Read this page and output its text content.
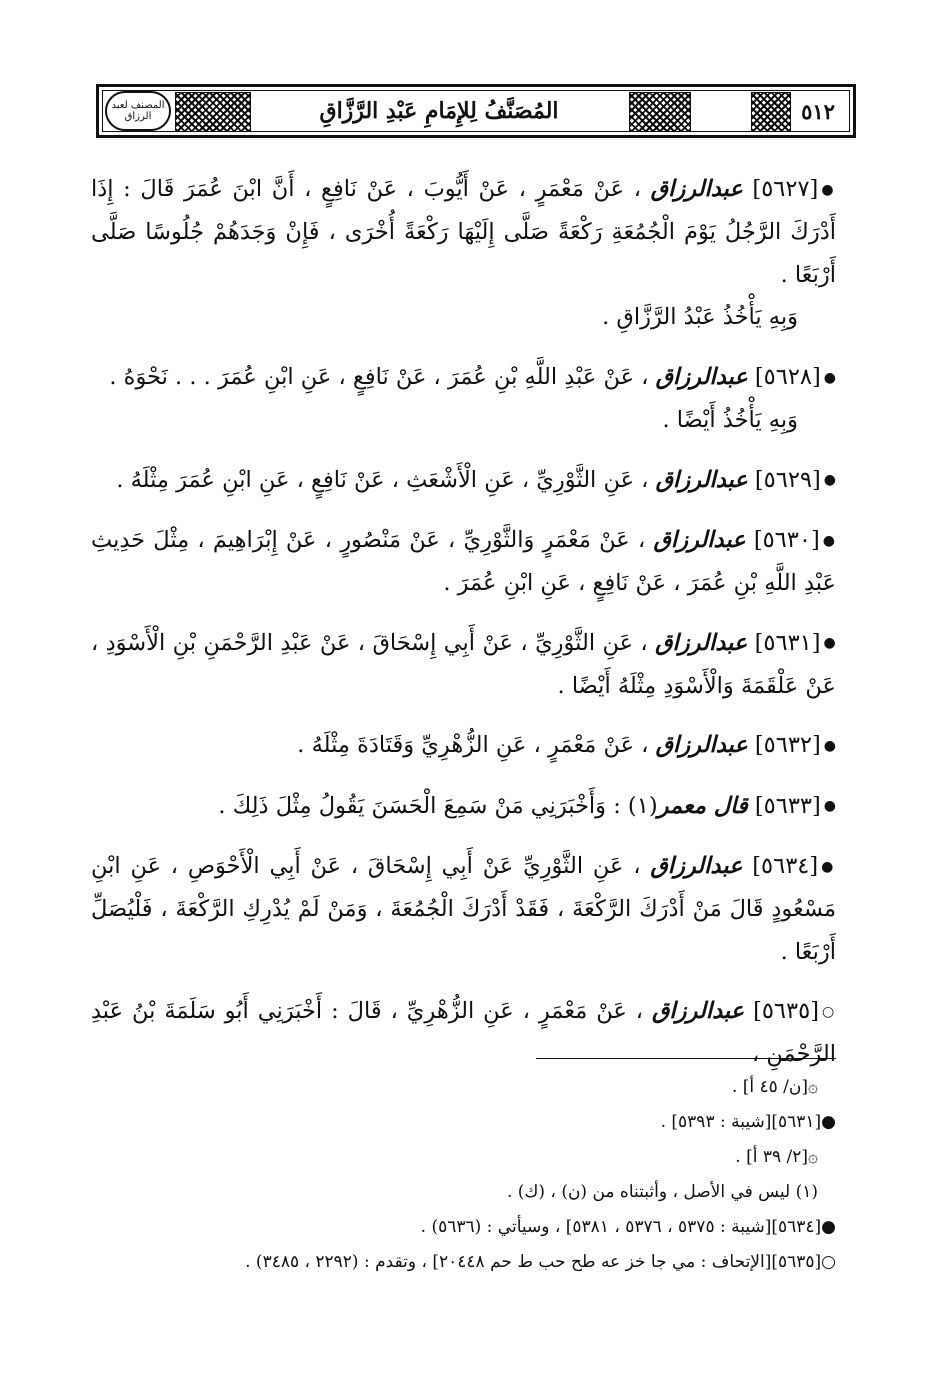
٥١٢
المُصَنَّفُ لِلإِمَامِ عَبْدِ الرَّزَّاقِ
المصنف لعبد الرزاق

●[٥٦٢٧] عبدالرزاق ، عَنْ مَعْمَرٍ ، عَنْ أَيُّوبَ ، عَنْ نَافِعٍ ، أَنَّ ابْنَ عُمَرَ قَالَ : إِذَا أَدْرَكَ الرَّجُلُ يَوْمَ الْجُمُعَةِ رَكْعَةً صَلَّى إِلَيْهَا رَكْعَةً أُخْرَى ، فَإِنْ وَجَدَهُمْ جُلُوسًا صَلَّى أَرْبَعًا .

وَبِهِ يَأْخُذُ عَبْدُ الرَّزَّاقِ .

●[٥٦٢٨] عبدالرزاق ، عَنْ عَبْدِ اللَّهِ بْنِ عُمَرَ ، عَنْ نَافِعٍ ، عَنِ ابْنِ عُمَرَ . . . نَحْوَهُ .

وَبِهِ يَأْخُذُ أَيْضًا .

●[٥٦٢٩] عبدالرزاق ، عَنِ الثَّوْرِيِّ ، عَنِ الْأَشْعَثِ ، عَنْ نَافِعٍ ، عَنِ ابْنِ عُمَرَ مِثْلَهُ .

●[٥٦٣٠] عبدالرزاق ، عَنْ مَعْمَرٍ وَالثَّوْرِيِّ ، عَنْ مَنْصُورٍ ، عَنْ إِبْرَاهِيمَ ، مِثْلَ حَدِيثِ عَبْدِ اللَّهِ بْنِ عُمَرَ ، عَنْ نَافِعٍ ، عَنِ ابْنِ عُمَرَ .

●[٥٦٣١] عبدالرزاق ، عَنِ الثَّوْرِيِّ ، عَنْ أَبِي إِسْحَاقَ ، عَنْ عَبْدِ الرَّحْمَنِ بْنِ الْأَسْوَدِ ، عَنْ عَلْقَمَةَ وَالْأَسْوَدِ مِثْلَهُ أَيْضًا .

●[٥٦٣٢] عبدالرزاق ، عَنْ مَعْمَرٍ ، عَنِ الزُّهْرِيِّ وَقَتَادَةَ مِثْلَهُ .

●[٥٦٣٣] قال معمر(١) : وَأَخْبَرَنِي مَنْ سَمِعَ الْحَسَنَ يَقُولُ مِثْلَ ذَلِكَ .

●[٥٦٣٤] عبدالرزاق ، عَنِ الثَّوْرِيِّ عَنْ أَبِي إِسْحَاقَ ، عَنْ أَبِي الْأَحْوَصِ ، عَنِ ابْنِ مَسْعُودٍ قَالَ مَنْ أَدْرَكَ الرَّكْعَةَ ، فَقَدْ أَدْرَكَ الْجُمُعَةَ ، وَمَنْ لَمْ يُدْرِكِ الرَّكْعَةَ ، فَلْيُصَلِّ أَرْبَعًا .

○[٥٦٣٥] عبدالرزاق ، عَنْ مَعْمَرٍ ، عَنِ الزُّهْرِيِّ ، قَالَ : أَخْبَرَنِي أَبُو سَلَمَةَ بْنُ عَبْدِ الرَّحْمَنِ ،

۞[ن/ ٤٥ أ] .
●[٥٦٣١][شيبة : ٥٣٩٣] .
۞[٢/ ٣٩ أ] .
(١) ليس في الأصل ، وأثبتناه من (ن) ، (ك) .
●[٥٦٣٤][شيبة : ٥٣٧٥ ، ٥٣٧٦ ، ٥٣٨١] ، وسيأتي : (٥٦٣٦) .
○[٥٦٣٥][الإتحاف : مي جا خز عه طح حب ط حم ٢٠٤٤٨] ، وتقدم : (٢٢٩٢ ، ٣٤٨٥) .
